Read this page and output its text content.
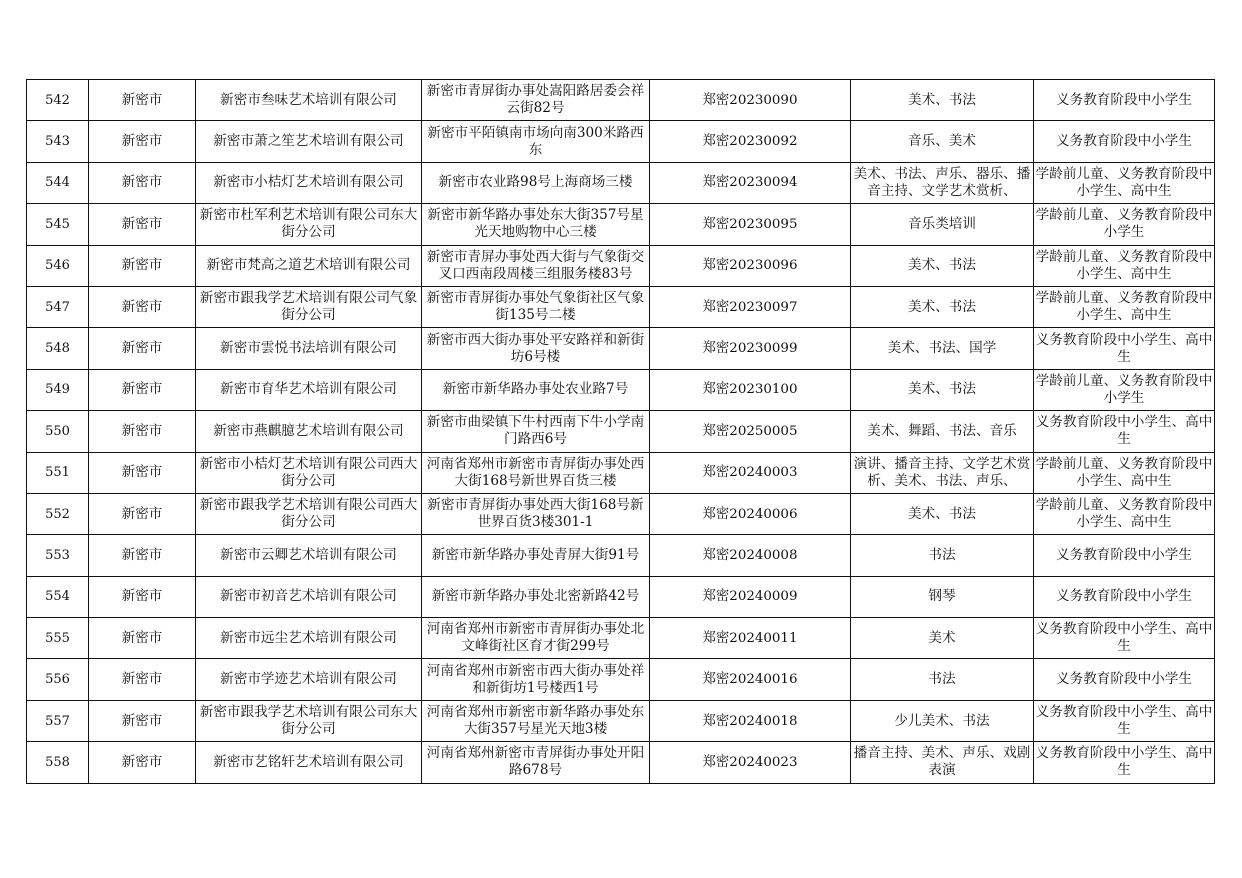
542	新密市	新密市叁味艺术培训有限公司	新密市青屏街办事处嵩阳路居委会祥云街82号	郑密20230090	美术、书法	义务教育阶段中小学生

543	新密市	新密市萧之笙艺术培训有限公司	新密市平陌镇南市场向南300米路西东	郑密20230092	音乐、美术	义务教育阶段中小学生

544	新密市	新密市小桔灯艺术培训有限公司	新密市农业路98号上海商场三楼	郑密20230094	美术、书法、声乐、器乐、播音主持、文学艺术赏析、	学龄前儿童、义务教育阶段中小学生、高中生

545	新密市	新密市杜军利艺术培训有限公司东大街分公司	新密市新华路办事处东大街357号星光天地购物中心三楼	郑密20230095	音乐类培训	学龄前儿童、义务教育阶段中小学生

546	新密市	新密市梵高之道艺术培训有限公司	新密市青屏办事处西大街与气象街交叉口西南段周楼三组服务楼83号	郑密20230096	美术、书法	学龄前儿童、义务教育阶段中小学生、高中生

547	新密市	新密市跟我学艺术培训有限公司气象街分公司	新密市青屏街办事处气象街社区气象街135号二楼	郑密20230097	美术、书法	学龄前儿童、义务教育阶段中小学生、高中生

548	新密市	新密市雲悦书法培训有限公司	新密市西大街办事处平安路祥和新街坊6号楼	郑密20230099	美术、书法、国学	义务教育阶段中小学生、高中生

549	新密市	新密市育华艺术培训有限公司	新密市新华路办事处农业路7号	郑密20230100	美术、书法	学龄前儿童、义务教育阶段中小学生

550	新密市	新密市燕麒臆艺术培训有限公司	新密市曲梁镇下牛村西南下牛小学南门路西6号	郑密20250005	美术、舞蹈、书法、音乐	义务教育阶段中小学生、高中生

551	新密市	新密市小桔灯艺术培训有限公司西大街分公司	河南省郑州市新密市青屏街办事处西大街168号新世界百货三楼	郑密20240003	演讲、播音主持、文学艺术赏析、美术、书法、声乐、	学龄前儿童、义务教育阶段中小学生、高中生

552	新密市	新密市跟我学艺术培训有限公司西大街分公司	新密市青屏街办事处西大街168号新世界百货3楼301-1	郑密20240006	美术、书法	学龄前儿童、义务教育阶段中小学生、高中生

553	新密市	新密市云卿艺术培训有限公司	新密市新华路办事处青屏大街91号	郑密20240008	书法	义务教育阶段中小学生

554	新密市	新密市初音艺术培训有限公司	新密市新华路办事处北密新路42号	郑密20240009	钢琴	义务教育阶段中小学生

555	新密市	新密市远尘艺术培训有限公司	河南省郑州市新密市青屏街办事处北文峰街社区育才街299号	郑密20240011	美术	义务教育阶段中小学生、高中生

556	新密市	新密市学迹艺术培训有限公司	河南省郑州市新密市西大街办事处祥和新街坊1号楼西1号	郑密20240016	书法	义务教育阶段中小学生

557	新密市	新密市跟我学艺术培训有限公司东大街分公司	河南省郑州市新密市新华路办事处东大街357号星光天地3楼	郑密20240018	少儿美术、书法	义务教育阶段中小学生、高中生

558	新密市	新密市艺铭轩艺术培训有限公司	河南省郑州新密市青屏街办事处开阳路678号	郑密20240023	播音主持、美术、声乐、戏剧表演	义务教育阶段中小学生、高中生
